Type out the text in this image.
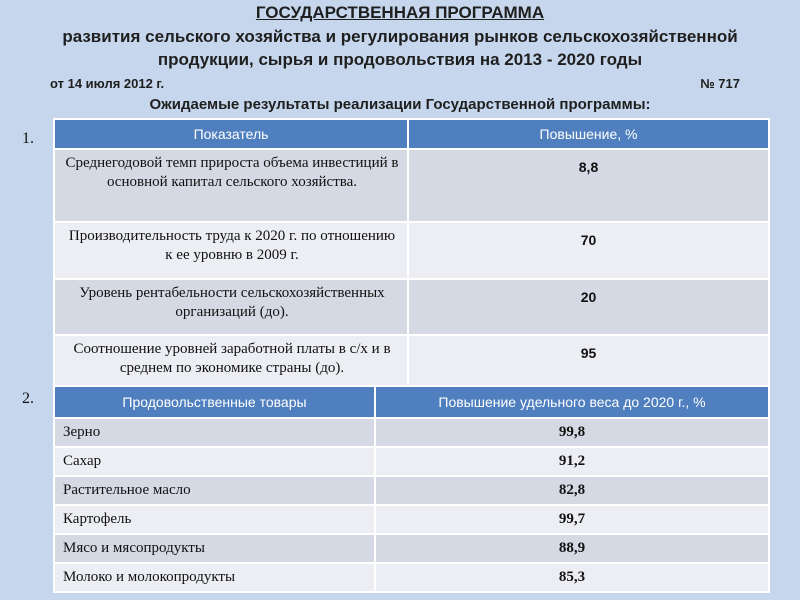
ГОСУДАРСТВЕННАЯ ПРОГРАММА
развития сельского хозяйства и регулирования рынков сельскохозяйственной
продукции, сырья и продовольствия на 2013 - 2020 годы
от 14 июля 2012 г.	№ 717
Ожидаемые результаты реализации Государственной программы:
1.	Показатель	Повышение, %
Среднегодовой темп прироста объема инвестиций в основной капитал сельского хозяйства.	8,8
Производительность труда к 2020 г. по отношению к ее уровню в 2009 г.	70
Уровень рентабельности сельскохозяйственных организаций (до).	20
Соотношение уровней заработной платы в с/х и в среднем по экономике страны (до).	95
2.	Продовольственные товары	Повышение удельного веса до 2020 г., %
Зерно	99,8
Сахар	91,2
Растительное масло	82,8
Картофель	99,7
Мясо и мясопродукты	88,9
Молоко и молокопродукты	85,3
